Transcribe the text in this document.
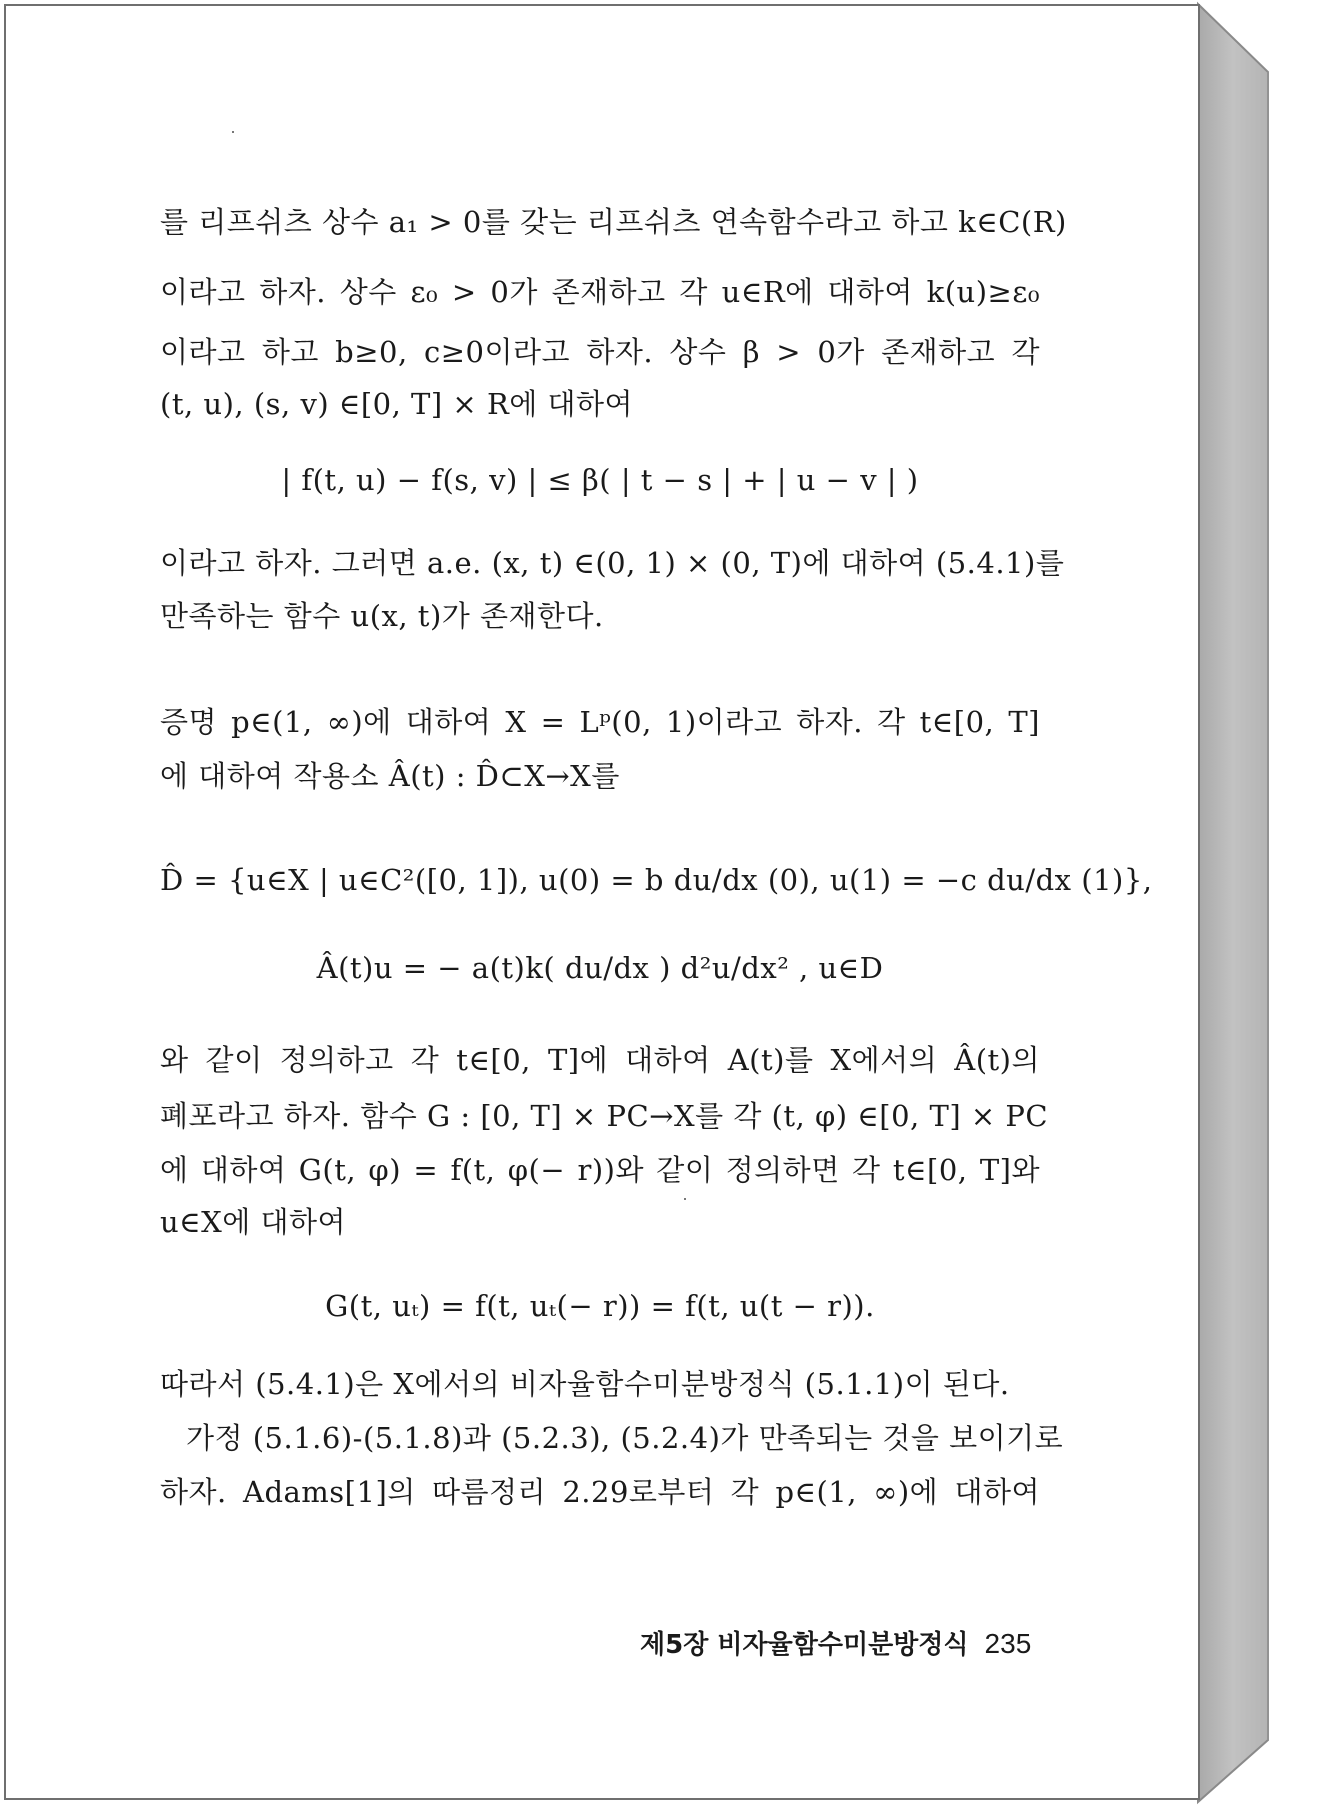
를 리프쉬츠 상수 a₁ > 0를 갖는 리프쉬츠 연속함수라고 하고 k∈C(R)
이라고 하자. 상수 ε₀ > 0가 존재하고 각 u∈R에 대하여 k(u)≥ε₀
이라고 하고 b≥0, c≥0이라고 하자. 상수 β > 0가 존재하고 각
(t, u), (s, v) ∈[0, T] × R에 대하여
| f(t, u) − f(s, v) | ≤ β( | t − s | + | u − v | )
이라고 하자. 그러면 a.e. (x, t) ∈(0, 1) × (0, T)에 대하여 (5.4.1)를
만족하는 함수 u(x, t)가 존재한다.
증명 p∈(1, ∞)에 대하여 X = Lᵖ(0, 1)이라고 하자. 각 t∈[0, T]
에 대하여 작용소 Â(t) : D̂⊂X→X를
D̂ = {u∈X | u∈C²([0, 1]), u(0) = b du/dx (0), u(1) = −c du/dx (1)},
Â(t)u = − a(t)k( du/dx ) d²u/dx² , u∈D
와 같이 정의하고 각 t∈[0, T]에 대하여 A(t)를 X에서의 Â(t)의
폐포라고 하자. 함수 G : [0, T] × PC→X를 각 (t, φ) ∈[0, T] × PC
에 대하여 G(t, φ) = f(t, φ(− r))와 같이 정의하면 각 t∈[0, T]와
u∈X에 대하여
G(t, uₜ) = f(t, uₜ(− r)) = f(t, u(t − r)).
따라서 (5.4.1)은 X에서의 비자율함수미분방정식 (5.1.1)이 된다.
가정 (5.1.6)-(5.1.8)과 (5.2.3), (5.2.4)가 만족되는 것을 보이기로
하자. Adams[1]의 따름정리 2.29로부터 각 p∈(1, ∞)에 대하여
제5장 비자율함수미분방정식 235
